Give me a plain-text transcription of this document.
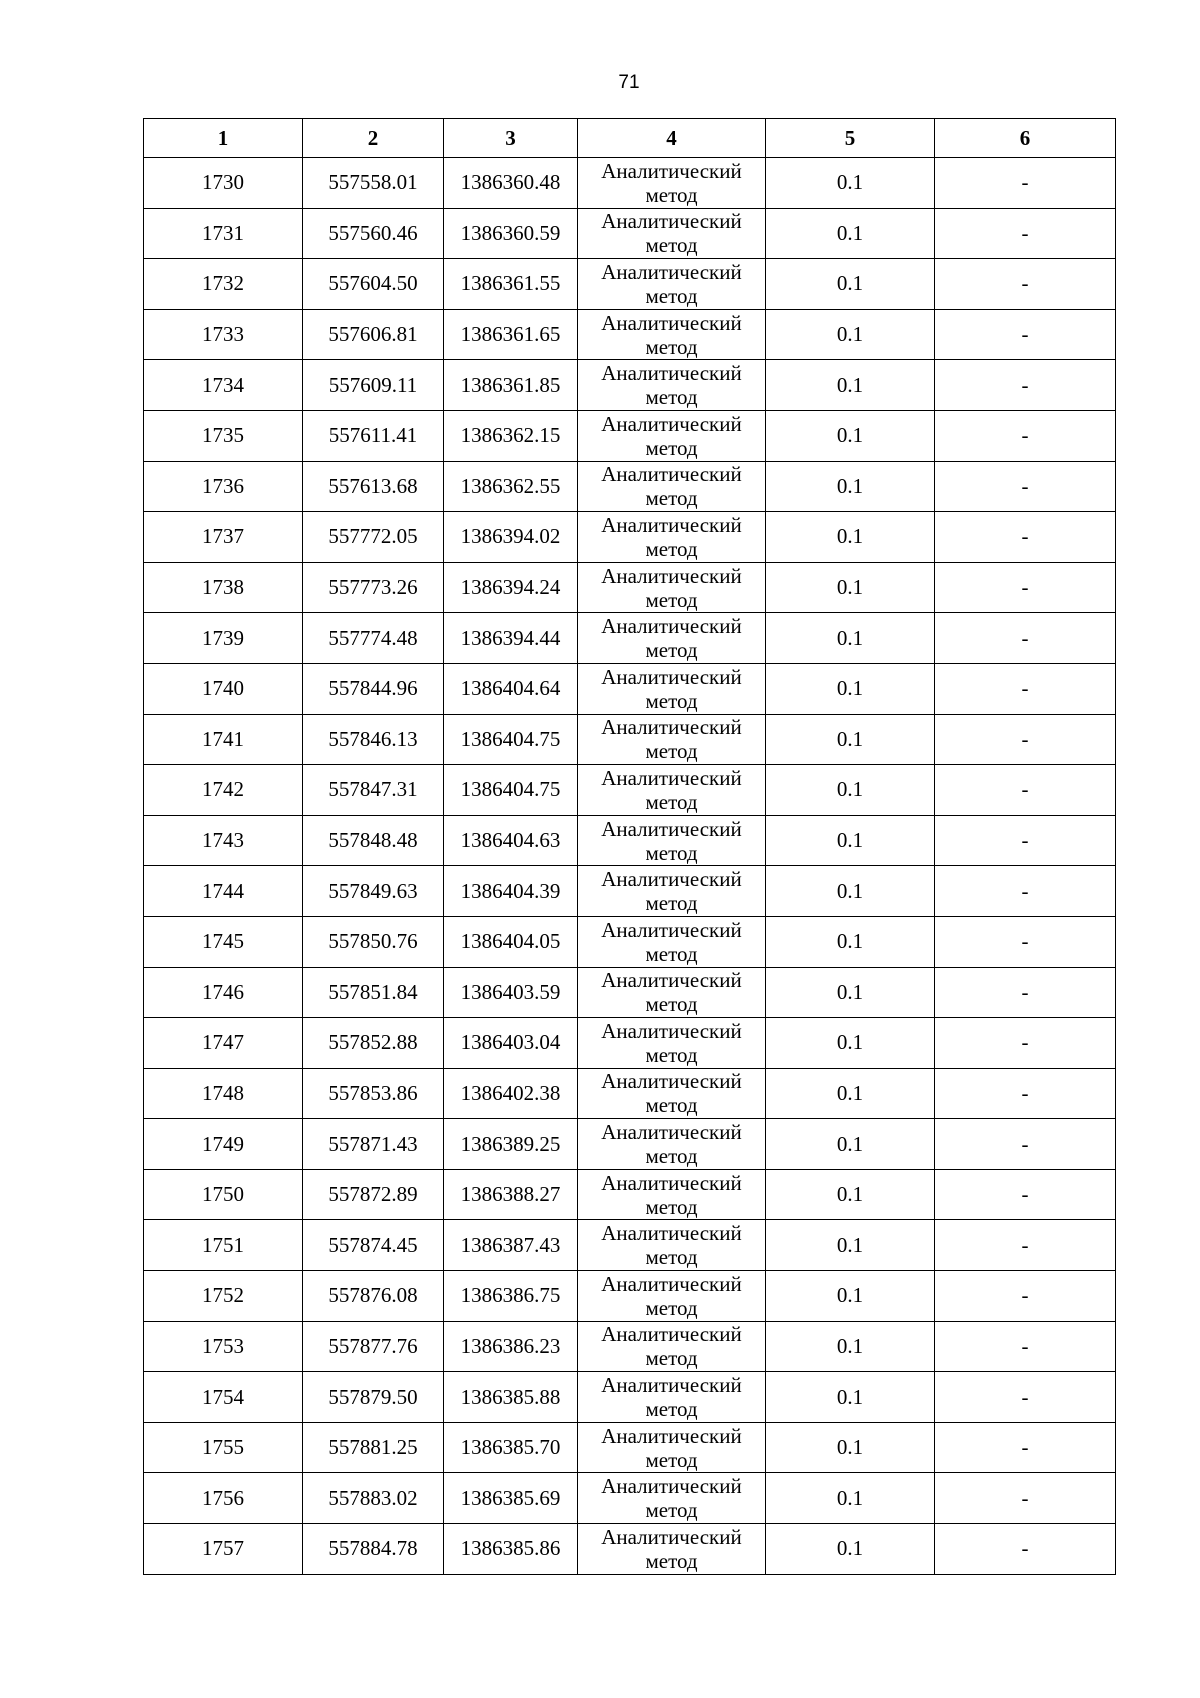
71
1	2	3	4	5	6
1730	557558.01	1386360.48	Аналитический метод	0.1	-
1731	557560.46	1386360.59	Аналитический метод	0.1	-
1732	557604.50	1386361.55	Аналитический метод	0.1	-
1733	557606.81	1386361.65	Аналитический метод	0.1	-
1734	557609.11	1386361.85	Аналитический метод	0.1	-
1735	557611.41	1386362.15	Аналитический метод	0.1	-
1736	557613.68	1386362.55	Аналитический метод	0.1	-
1737	557772.05	1386394.02	Аналитический метод	0.1	-
1738	557773.26	1386394.24	Аналитический метод	0.1	-
1739	557774.48	1386394.44	Аналитический метод	0.1	-
1740	557844.96	1386404.64	Аналитический метод	0.1	-
1741	557846.13	1386404.75	Аналитический метод	0.1	-
1742	557847.31	1386404.75	Аналитический метод	0.1	-
1743	557848.48	1386404.63	Аналитический метод	0.1	-
1744	557849.63	1386404.39	Аналитический метод	0.1	-
1745	557850.76	1386404.05	Аналитический метод	0.1	-
1746	557851.84	1386403.59	Аналитический метод	0.1	-
1747	557852.88	1386403.04	Аналитический метод	0.1	-
1748	557853.86	1386402.38	Аналитический метод	0.1	-
1749	557871.43	1386389.25	Аналитический метод	0.1	-
1750	557872.89	1386388.27	Аналитический метод	0.1	-
1751	557874.45	1386387.43	Аналитический метод	0.1	-
1752	557876.08	1386386.75	Аналитический метод	0.1	-
1753	557877.76	1386386.23	Аналитический метод	0.1	-
1754	557879.50	1386385.88	Аналитический метод	0.1	-
1755	557881.25	1386385.70	Аналитический метод	0.1	-
1756	557883.02	1386385.69	Аналитический метод	0.1	-
1757	557884.78	1386385.86	Аналитический метод	0.1	-
